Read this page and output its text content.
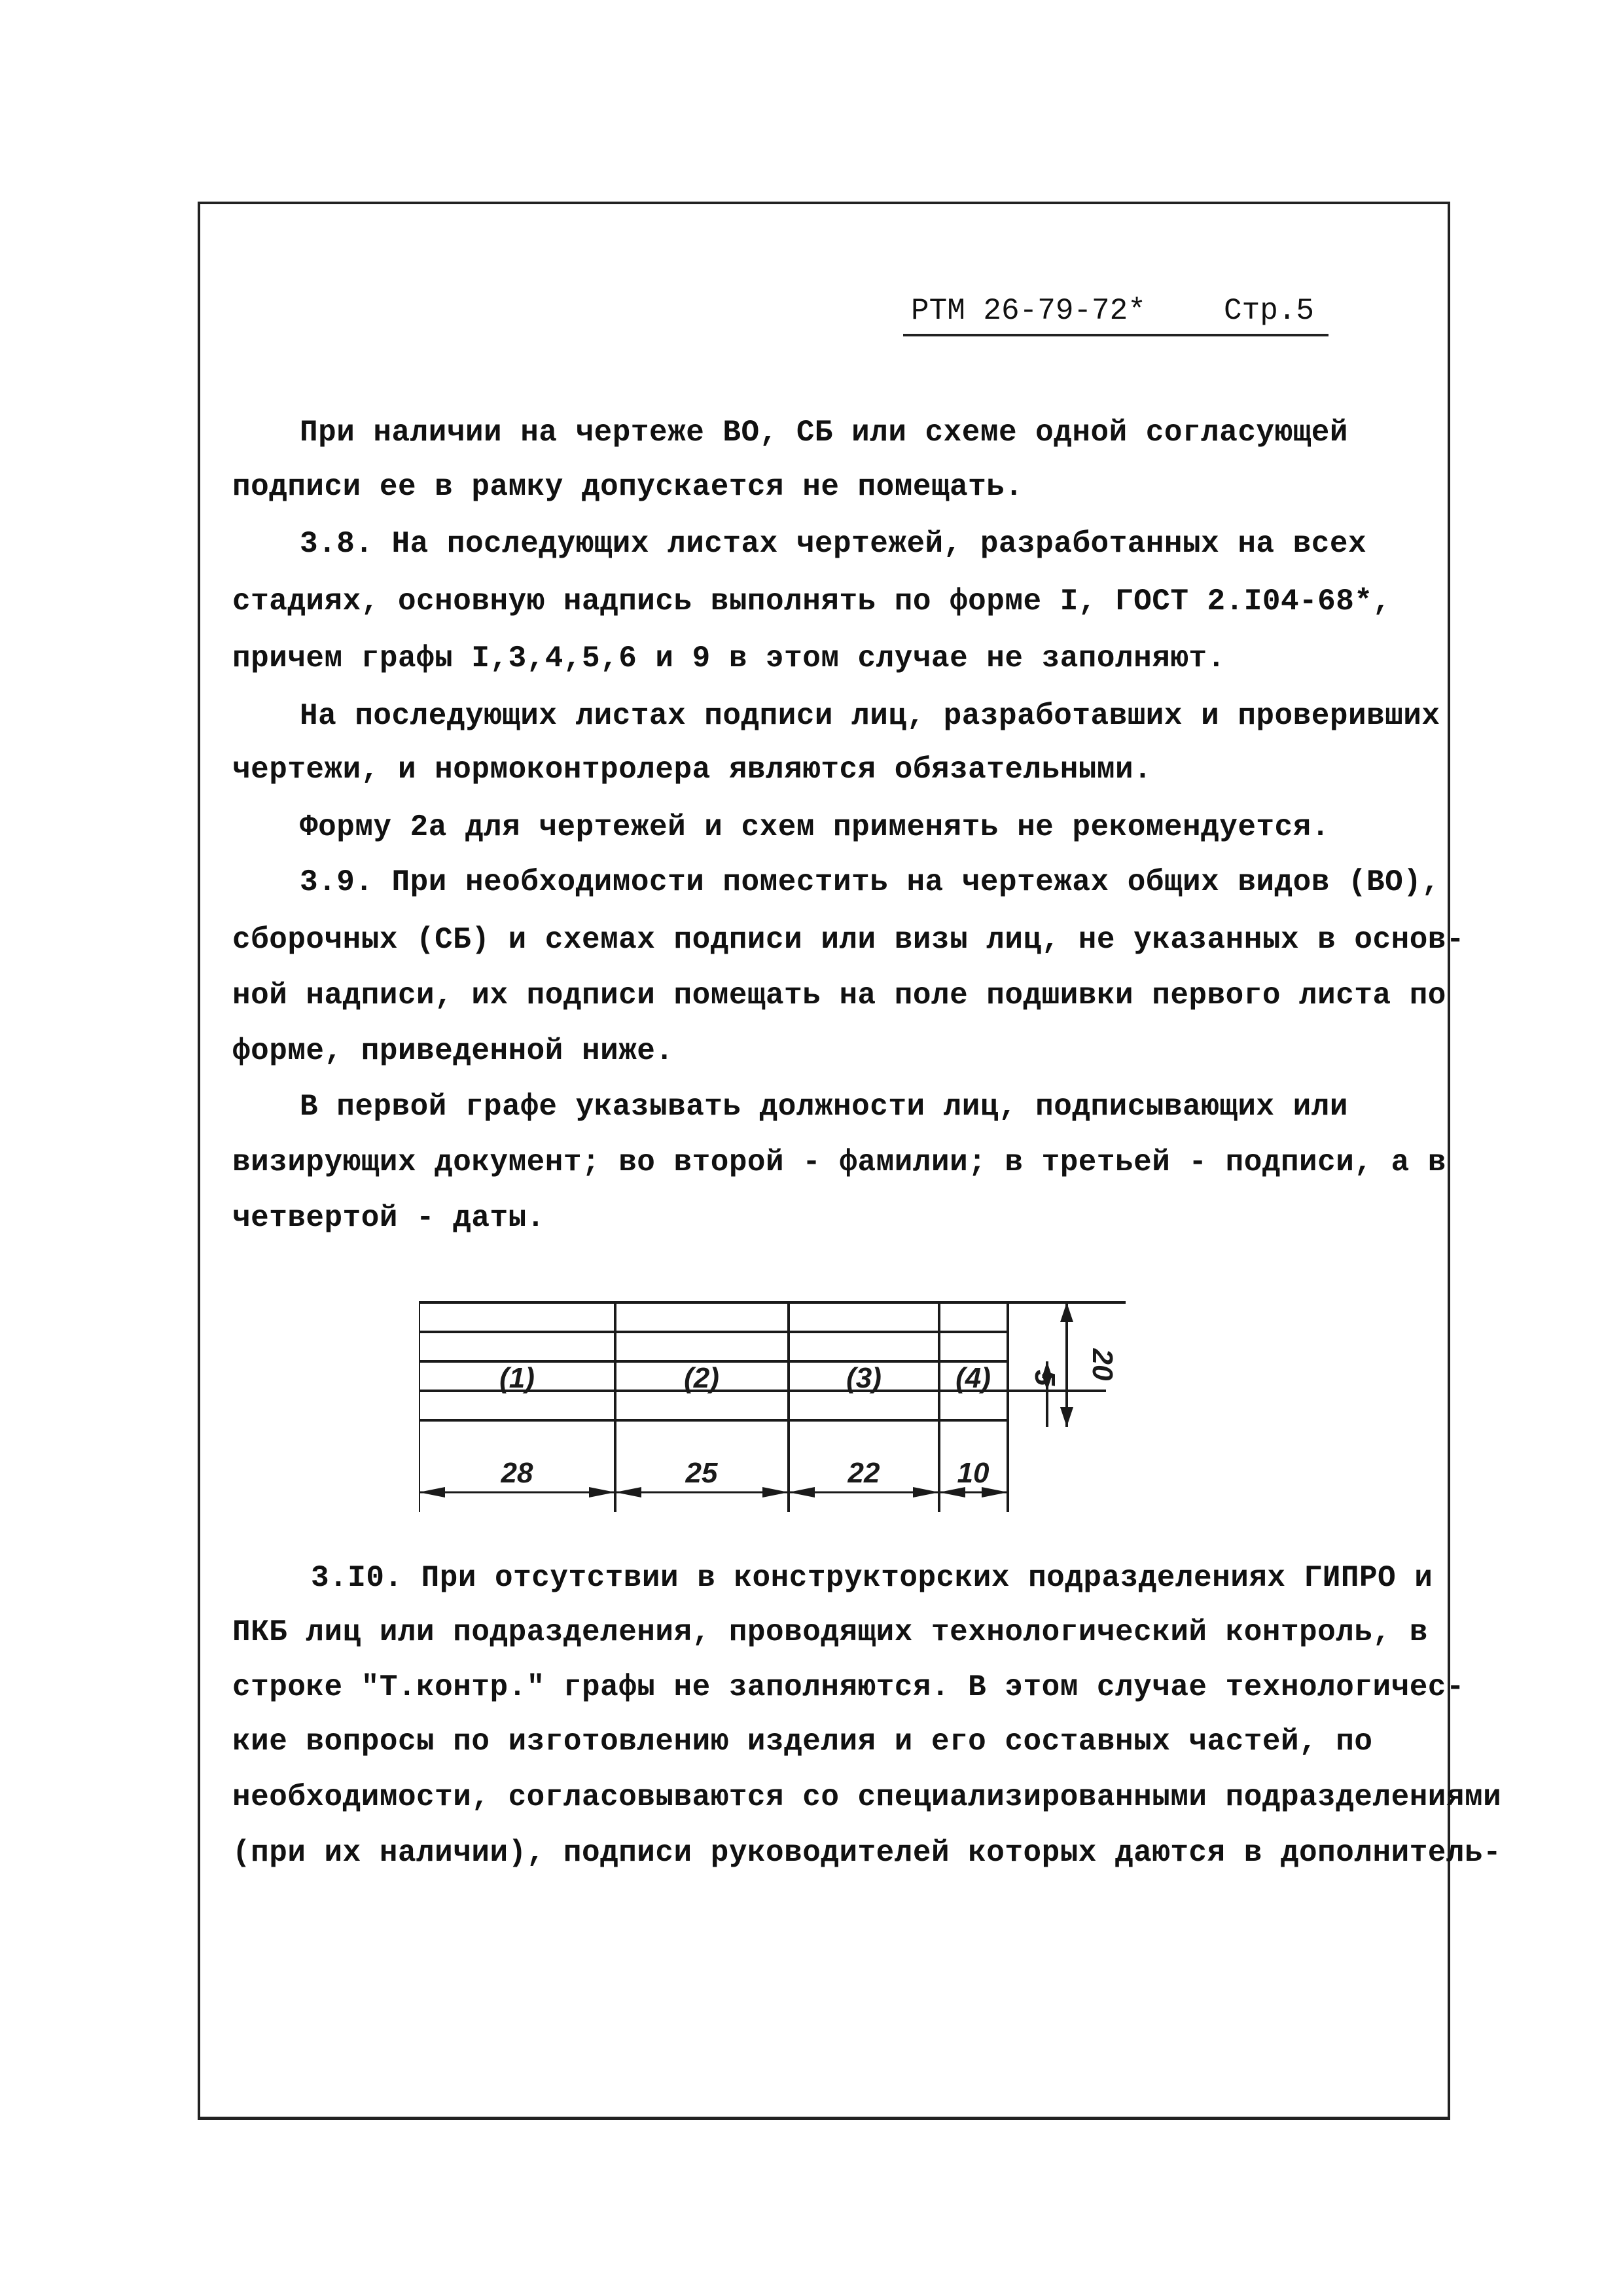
РТМ 26-79-72*	Стр.5
При наличии на чертеже ВО, СБ или схеме одной согласующей
подписи ее в рамку допускается не помещать.
3.8. На последующих листах чертежей, разработанных на всех
стадиях, основную надпись выполнять по форме I, ГОСТ 2.I04-68*,
причем графы I,3,4,5,6 и 9 в этом случае не заполняют.
На последующих листах подписи лиц, разработавших и проверивших
чертежи, и нормоконтролера являются обязательными.
Форму 2а для чертежей и схем применять не рекомендуется.
3.9. При необходимости поместить на чертежах общих видов (ВО),
сборочных (СБ) и схемах подписи или визы лиц, не указанных в основ-
ной надписи, их подписи помещать на поле подшивки первого листа по
форме, приведенной ниже.
В первой графе указывать должности лиц, подписывающих или
визирующих документ; во второй - фамилии; в третьей - подписи, а в
четвертой - даты.
3.I0. При отсутствии в конструкторских подразделениях ГИПРО и
ПКБ лиц или подразделения, проводящих технологический контроль, в
строке "Т.контр." графы не заполняются. В этом случае технологичес-
кие вопросы по изготовлению изделия и его составных частей, по
необходимости, согласовываются со специализированными подразделениями
(при их наличии), подписи руководителей которых даются в дополнитель-
(1)	(2)	(3)	(4)
28	25	22	10
5 20
